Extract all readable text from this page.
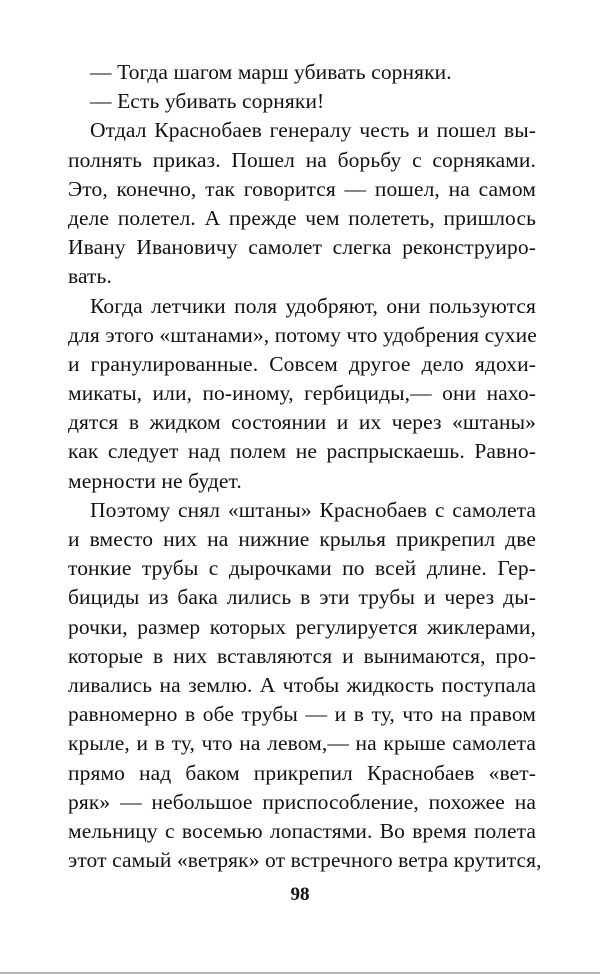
— Тогда шагом марш убивать сорняки.
— Есть убивать сорняки!
Отдал Краснобаев генералу честь и пошел вы-
полнять приказ. Пошел на борьбу с сорняками.
Это, конечно, так говорится — пошел, на самом
деле полетел. А прежде чем полететь, пришлось
Ивану Ивановичу самолет слегка реконструиро-
вать.
Когда летчики поля удобряют, они пользуются
для этого «штанами», потому что удобрения сухие
и гранулированные. Совсем другое дело ядохи-
микаты, или, по-иному, гербициды,— они нахо-
дятся в жидком состоянии и их через «штаны»
как следует над полем не распрыскаешь. Равно-
мерности не будет.
Поэтому снял «штаны» Краснобаев с самолета
и вместо них на нижние крылья прикрепил две
тонкие трубы с дырочками по всей длине. Гер-
бициды из бака лились в эти трубы и через ды-
рочки, размер которых регулируется жиклерами,
которые в них вставляются и вынимаются, про-
ливались на землю. А чтобы жидкость поступала
равномерно в обе трубы — и в ту, что на правом
крыле, и в ту, что на левом,— на крыше самолета
прямо над баком прикрепил Краснобаев «вет-
ряк» — небольшое приспособление, похожее на
мельницу с восемью лопастями. Во время полета
этот самый «ветряк» от встречного ветра крутится,
98
